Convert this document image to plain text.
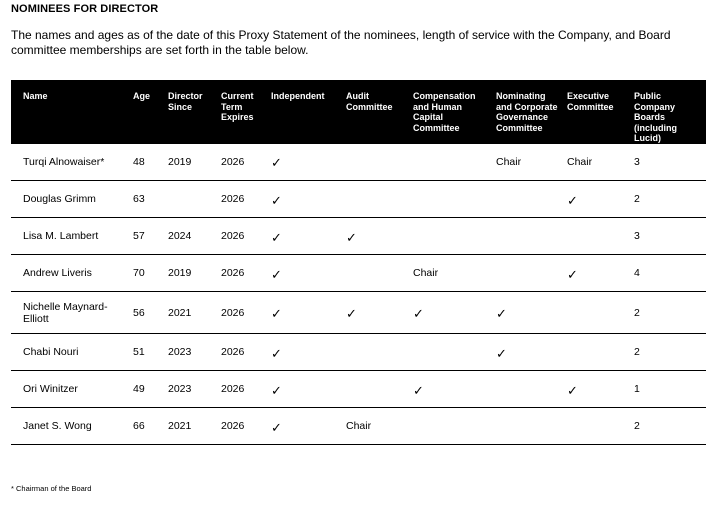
NOMINEES FOR DIRECTOR
The names and ages as of the date of this Proxy Statement of the nominees, length of service with the Company, and Board committee memberships are set forth in the table below.
Name	Age	Director Since	Current Term Expires	Independent	Audit Committee	Compensation and Human Capital Committee	Nominating and Corporate Governance Committee	Executive Committee	Public Company Boards (including Lucid)
Turqi Alnowaiser*	48	2019	2026	✓			Chair	Chair	3
Douglas Grimm	63		2026	✓				✓	2
Lisa M. Lambert	57	2024	2026	✓	✓				3
Andrew Liveris	70	2019	2026	✓		Chair		✓	4
Nichelle Maynard-Elliott	56	2021	2026	✓	✓	✓	✓		2
Chabi Nouri	51	2023	2026	✓			✓		2
Ori Winitzer	49	2023	2026	✓		✓		✓	1
Janet S. Wong	66	2021	2026	✓	Chair				2
* Chairman of the Board
